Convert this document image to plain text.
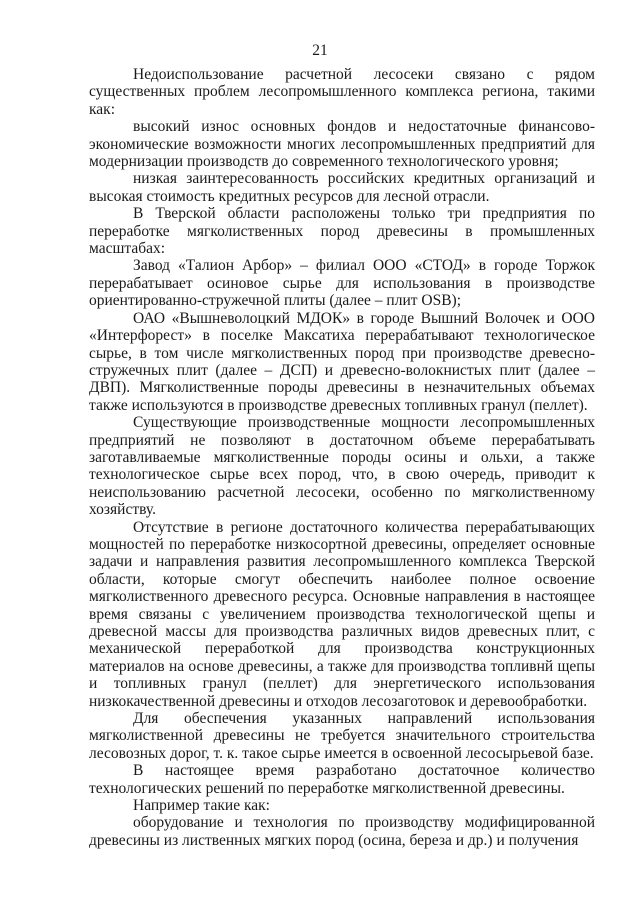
21

Недоиспользование расчетной лесосеки связано с рядом существенных проблем лесопромышленного комплекса региона, такими как:

высокий износ основных фондов и недостаточные финансово-экономические возможности многих лесопромышленных предприятий для модернизации производств до современного технологического уровня;

низкая заинтересованность российских кредитных организаций и высокая стоимость кредитных ресурсов для лесной отрасли.

В Тверской области расположены только три предприятия по переработке мягколиственных пород древесины в промышленных масштабах:

Завод «Талион Арбор» – филиал ООО «СТОД» в городе Торжок перерабатывает осиновое сырье для использования в производстве ориентированно-стружечной плиты (далее – плит OSB);

ОАО «Вышневолоцкий МДОК» в городе Вышний Волочек и ООО «Интерфорест» в поселке Максатиха перерабатывают технологическое сырье, в том числе мягколиственных пород при производстве древесно-стружечных плит (далее – ДСП) и древесно-волокнистых плит (далее – ДВП). Мягколиственные породы древесины в незначительных объемах также используются в производстве древесных топливных гранул (пеллет).

Существующие производственные мощности лесопромышленных предприятий не позволяют в достаточном объеме перерабатывать заготавливаемые мягколиственные породы осины и ольхи, а также технологическое сырье всех пород, что, в свою очередь, приводит к неиспользованию расчетной лесосеки, особенно по мягколиственному хозяйству.

Отсутствие в регионе достаточного количества перерабатывающих мощностей по переработке низкосортной древесины, определяет основные задачи и направления развития лесопромышленного комплекса Тверской области, которые смогут обеспечить наиболее полное освоение мягколиственного древесного ресурса. Основные направления в настоящее время связаны с увеличением производства технологической щепы и древесной массы для производства различных видов древесных плит, с механической переработкой для производства конструкционных материалов на основе древесины, а также для производства топливнй щепы и топливных гранул (пеллет) для энергетического использования низкокачественной древесины и отходов лесозаготовок и деревообработки.

Для обеспечения указанных направлений использования мягколиственной древесины не требуется значительного строительства лесовозных дорог, т. к. такое сырье имеется в освоенной лесосырьевой базе.

В настоящее время разработано достаточное количество технологических решений по переработке мягколиственной древесины.

Например такие как:

оборудование и технология по производству модифицированной древесины из лиственных мягких пород (осина, береза и др.) и получения
